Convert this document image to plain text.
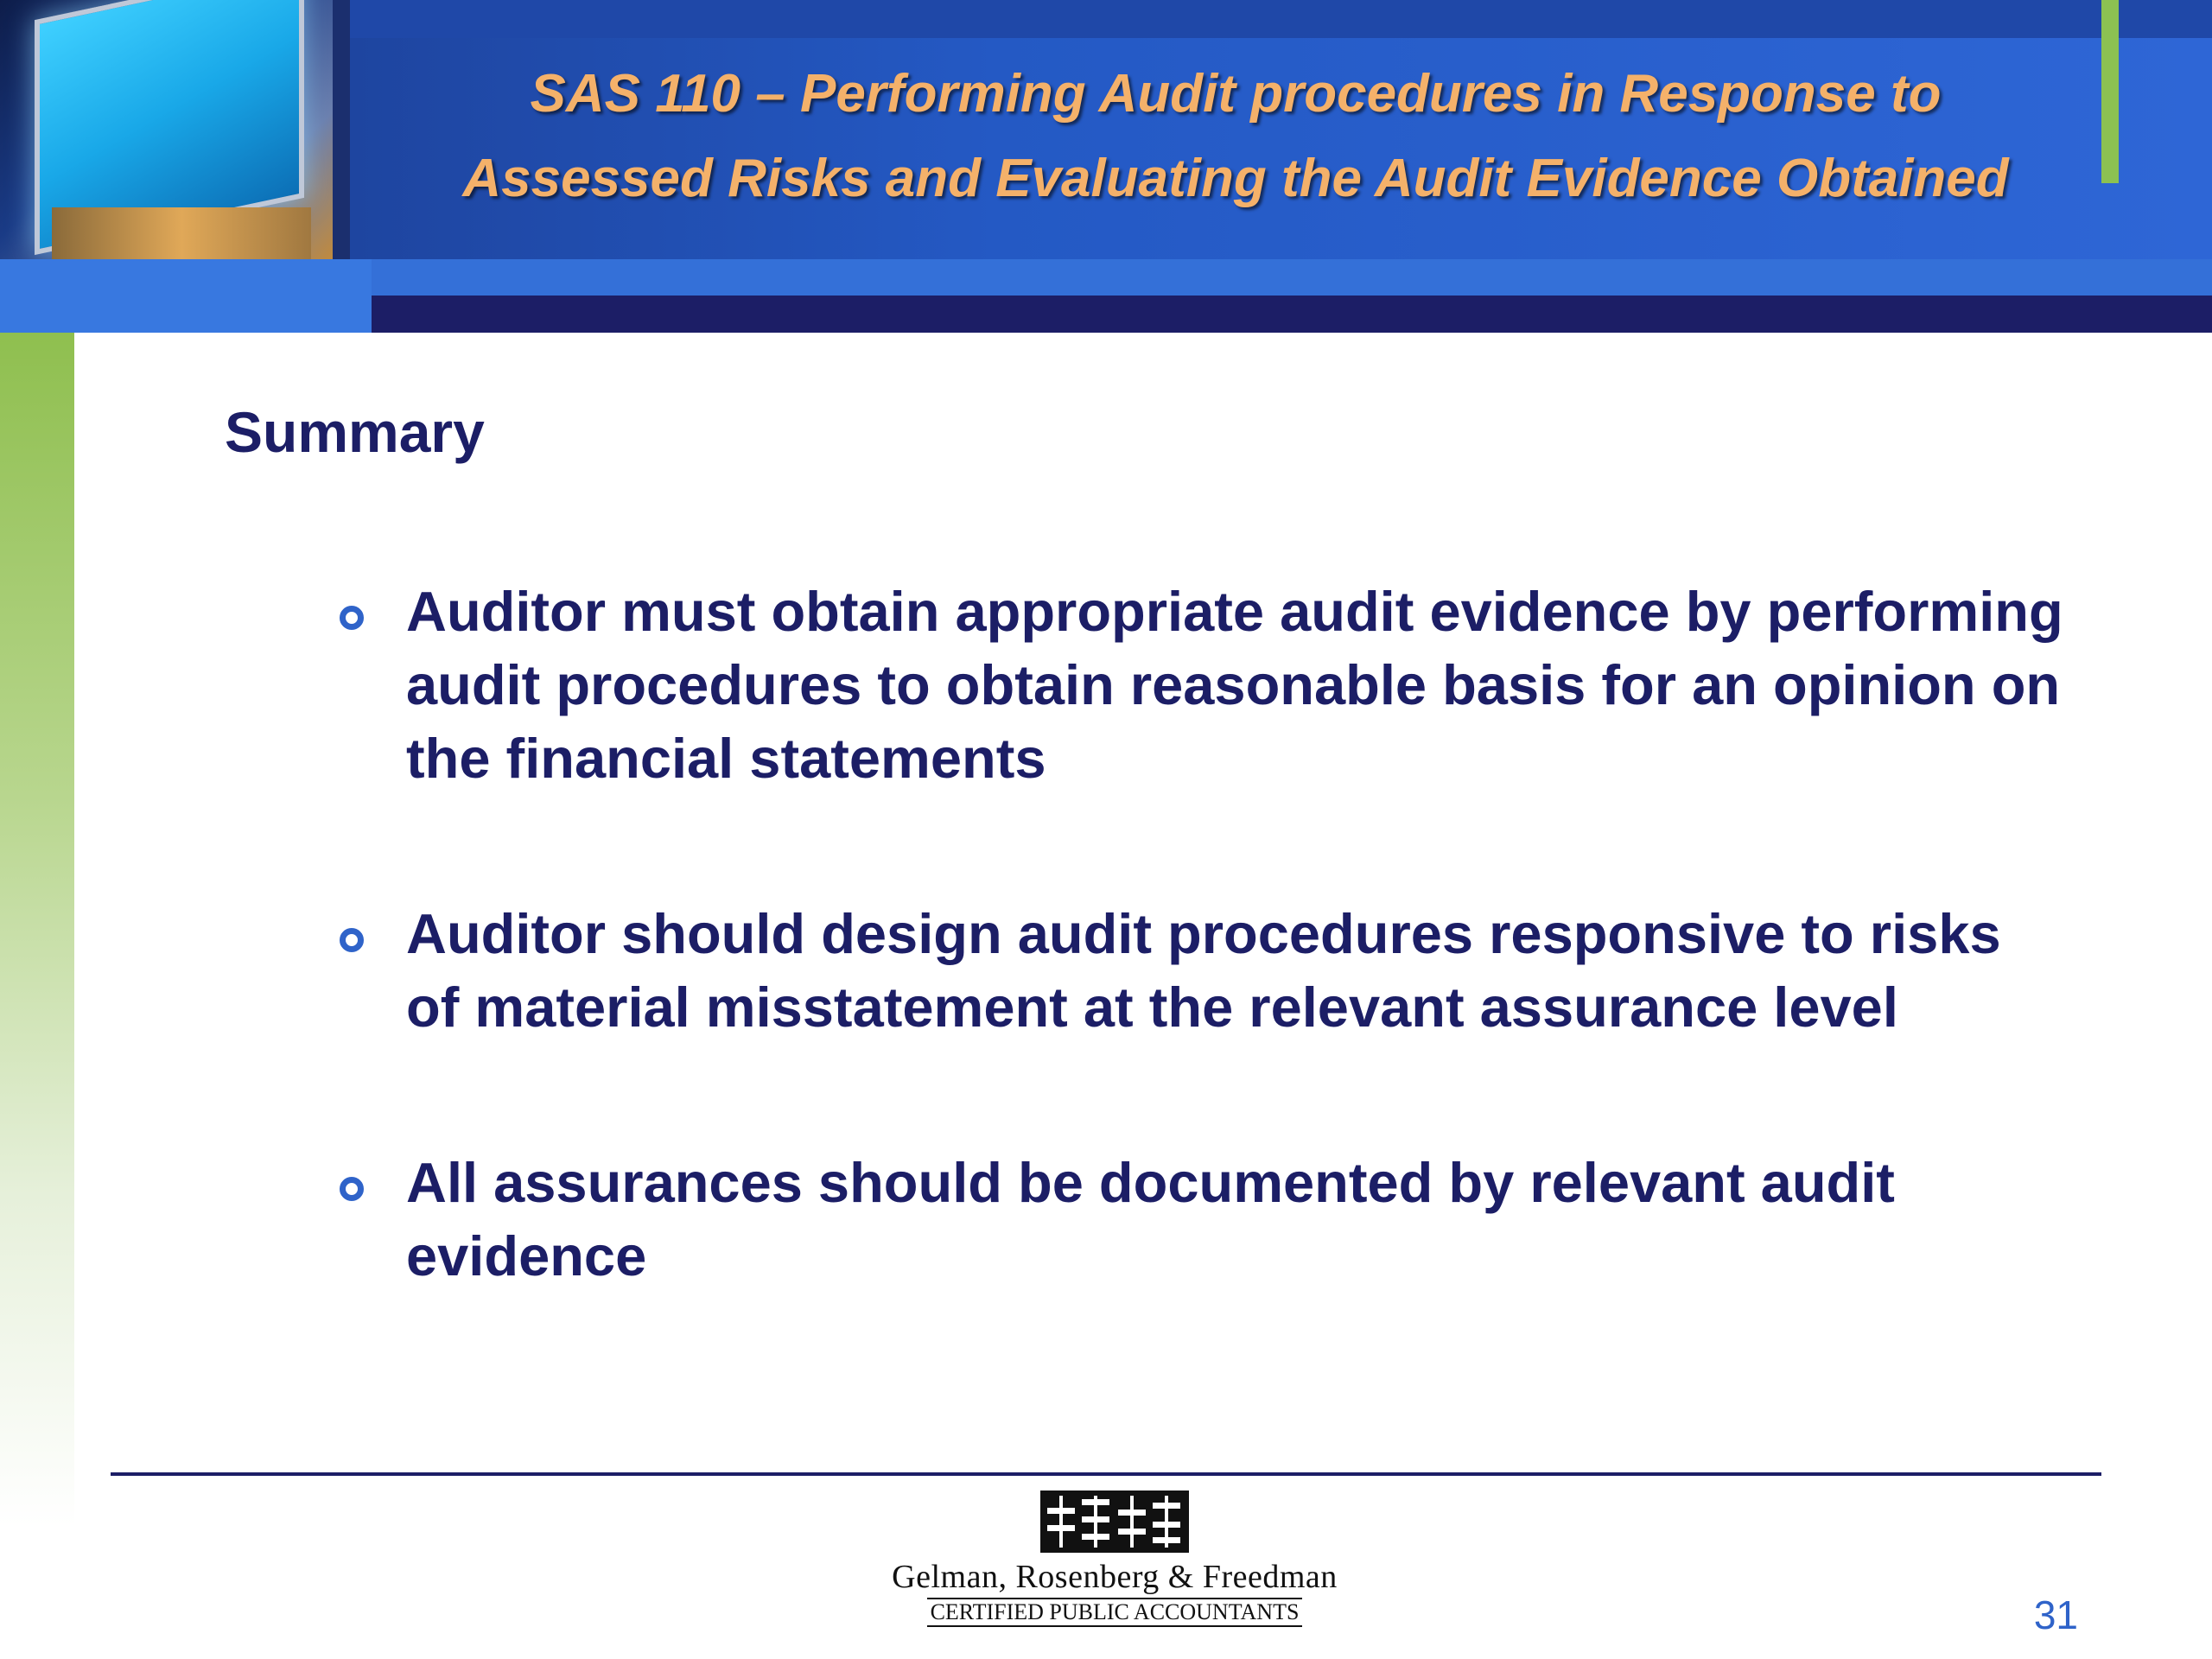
SAS 110 – Performing Audit procedures in Response to
Assessed Risks and Evaluating the Audit Evidence Obtained
Summary
Auditor must obtain appropriate audit evidence by performing audit procedures to obtain reasonable basis for an opinion on the financial statements
Auditor should design audit procedures responsive to risks of material misstatement at the relevant assurance level
All assurances should be documented by relevant audit evidence
Gelman, Rosenberg & Freedman
CERTIFIED PUBLIC ACCOUNTANTS	31
